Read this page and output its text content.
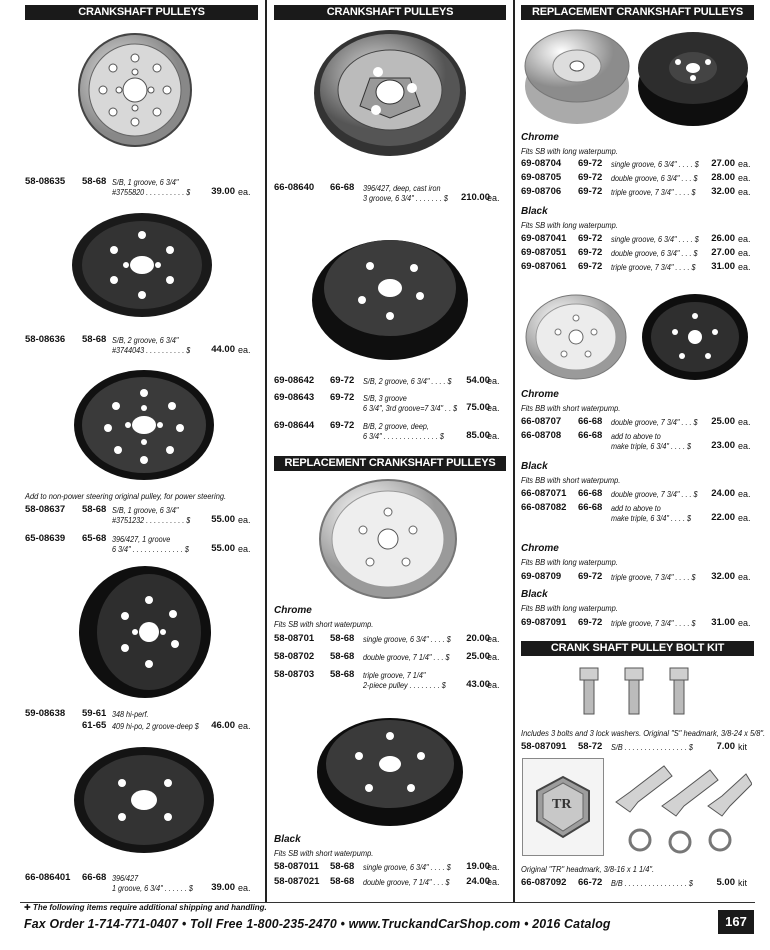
CRANKSHAFT PULLEYS
58-08635 58-68 S/B, 1 groove, 6 3/4"
#3755820 . . . . . . . . . . $	39.00 ea.
58-08636 58-68 S/B, 2 groove, 6 3/4"
#3744043 . . . . . . . . . . $	44.00 ea.
Add to non-power steering original pulley, for power steering.
58-08637 58-68 S/B, 1 groove, 6 3/4"
#3751232 . . . . . . . . . . $	55.00 ea.
65-08639 65-68 396/427, 1 groove
6 3/4" . . . . . . . . . . . . . $	55.00 ea.
59-08638 59-61 348 hi-perf.
61-65 409 hi-po, 2 groove-deep $	46.00 ea.
66-086401 66-68 396/427
1 groove, 6 3/4" . . . . . . $	39.00 ea.
CRANKSHAFT PULLEYS
66-08640 66-68 396/427, deep, cast iron
3 groove, 6 3/4" . . . . . . . $	210.00
ea.
69-08642 69-72 S/B, 2 groove, 6 3/4" . . . . $	54.00
ea.
69-08643 69-72 S/B, 3 groove
6 3/4", 3rd groove=7 3/4" . . $ 75.00
ea.
69-08644 69-72 B/B, 2 groove, deep,
6 3/4" . . . . . . . . . . . . . . $	85.00
ea.
REPLACEMENT CRANKSHAFT PULLEYS
Chrome
Fits SB with short waterpump.
58-08701 58-68 single groove, 6 3/4" . . . . $	20.00
ea.
58-08702 58-68 double groove, 7 1/4" . . . $	25.00
ea.
58-08703 58-68 triple groove, 7 1/4"
2-piece pulley . . . . . . . . $	43.00
ea.
Black
Fits SB with short waterpump.
58-087011 58-68 single groove, 6 3/4" . . . . $	19.00
ea.
58-087021 58-68 double groove, 7 1/4" . . . $	24.00
ea.
REPLACEMENT CRANKSHAFT PULLEYS
Chrome
Fits SB with long waterpump.
69-08704 69-72 single groove, 6 3/4" . . . . $	27.00 ea.
69-08705 69-72 double groove, 6 3/4" . . . $	28.00 ea.
69-08706 69-72 triple groove, 7 3/4" . . . . $	32.00 ea.
Black
Fits SB with long waterpump.
69-087041 69-72 single groove, 6 3/4" . . . . $	26.00 ea.
69-087051 69-72 double groove, 6 3/4" . . . $	27.00 ea.
69-087061 69-72 triple groove, 7 3/4" . . . . $	31.00 ea.
Chrome
Fits BB with short waterpump.
66-08707 66-68 double groove, 7 3/4" . . . $	25.00 ea.
66-08708 66-68 add to above to
make triple, 6 3/4" . . . . $	23.00 ea.
Black
Fits BB with short waterpump.
66-087071 66-68 double groove, 7 3/4" . . . $	24.00 ea.
66-087082 66-68 add to above to
make triple, 6 3/4" . . . . $	22.00 ea.
Chrome
Fits BB with long waterpump.
69-08709 69-72 triple groove, 7 3/4" . . . . $	32.00 ea.
Black
Fits BB with long waterpump.
69-087091 69-72 triple groove, 7 3/4" . . . . $	31.00 ea.
CRANK SHAFT PULLEY BOLT KIT
Includes 3 bolts and 3 lock washers. Original "S" headmark, 3/8-24 x 5/8".
58-087091 58-72 S/B . . . . . . . . . . . . . . . . $	7.00 kit
TR
Original "TR" headmark, 3/8-16 x 1 1/4".
66-087092 66-72 B/B . . . . . . . . . . . . . . . . $	5.00 kit
✚ The following items require additional shipping and handling.
Fax Order 1-714-771-0407 • Toll Free 1-800-235-2470 • www.TruckandCarShop.com • 2016 Catalog	167
